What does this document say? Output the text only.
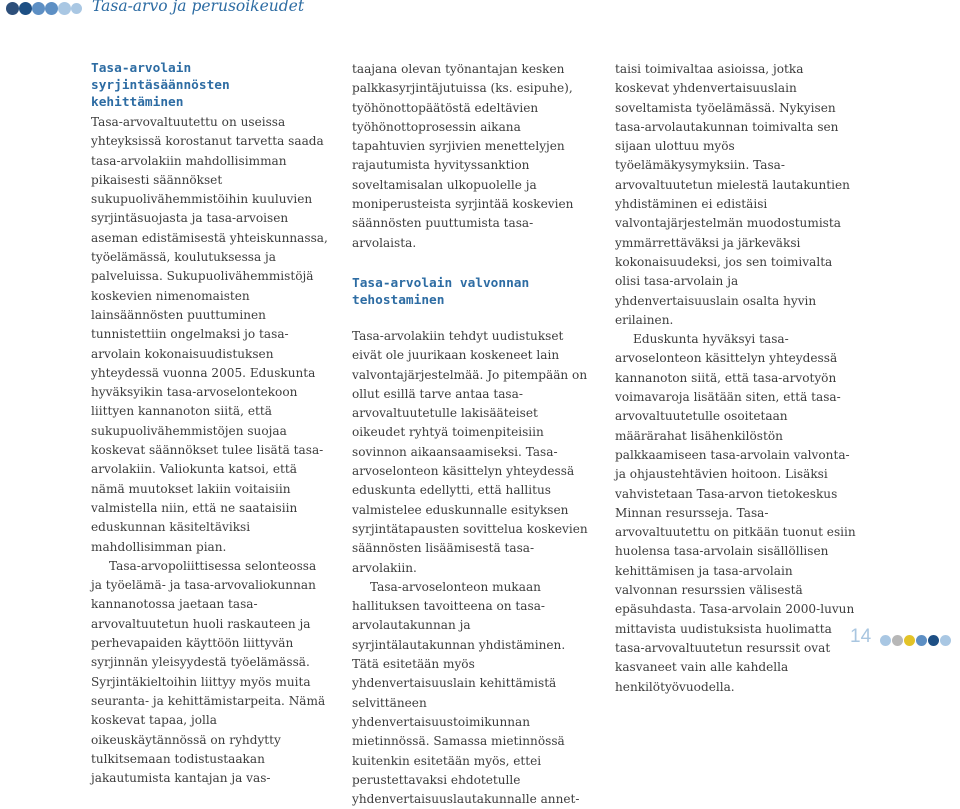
Tasa-arvo ja perusoikeudet
Tasa-arvolain syrjintäsäännösten kehittäminen

Tasa-arvovaltuutettu on useissa yhteyksissä korostanut tarvetta saada tasa-arvolakiin mahdollisimman pikaisesti säännökset sukupuolivähemmistöihin kuuluvien syrjintäsuojasta ja tasa-arvoisen aseman edistämisestä yhteiskunnassa, työelämässä, koulutuksessa ja palveluissa. Sukupuolivähemmistöjä koskevien nimenomaisten lainsäännösten puuttuminen tunnistettiin ongelmaksi jo tasa-arvolain kokonaisuudistuksen yhteydessä vuonna 2005. Eduskunta hyväksyikin tasa-arvoselontekoon liittyen kannanoton siitä, että sukupuolivähemmistöjen suojaa koskevat säännökset tulee lisätä tasa-arvolakiin. Valiokunta katsoi, että nämä muutokset lakiin voitaisiin valmistella niin, että ne saataisiin eduskunnan käsiteltäviksi mahdollisimman pian.

Tasa-arvopoliittisessa selonteossa ja työelämä- ja tasa-arvovaliokunnan kannanotossa jaetaan tasa-arvovaltuutetun huoli raskauteen ja perhevapaiden käyttöön liittyvän syrjinnän yleisyydestä työelämässä. Syrjintäkieltoihin liittyy myös muita seuranta- ja kehittämistarpeita. Nämä koskevat tapaa, jolla oikeuskäytännössä on ryhdytty tulkitsemaan todistustaakan jakautumista kantajan ja vas-

taajana olevan työnantajan kesken palkkasyrjintäjutuissa (ks. esipuhe), työhönottopäätöstä edeltävien työhönottoprosessin aikana tapahtuvien syrjivien menettelyjen rajautumista hyvityssanktion soveltamisalan ulkopuolelle ja moniperusteista syrjintää koskevien säännösten puuttumista tasa-arvolaista.

Tasa-arvolain valvonnan tehostaminen

Tasa-arvolakiin tehdyt uudistukset eivät ole juurikaan koskeneet lain valvontajärjestelmää. Jo pitempään on ollut esillä tarve antaa tasa-arvovaltuutetulle lakisääteiset oikeudet ryhtyä toimenpiteisiin sovinnon aikaansaamiseksi. Tasa-arvoselonteon käsittelyn yhteydessä eduskunta edellytti, että hallitus valmistelee eduskunnalle esityksen syrjintätapausten sovittelua koskevien säännösten lisäämisestä tasa-arvolakiin.

Tasa-arvoselonteon mukaan hallituksen tavoitteena on tasa-arvolautakunnan ja syrjintälautakunnan yhdistäminen. Tätä esitetään myös yhdenvertaisuuslain kehittämistä selvittäneen yhdenvertaisuustoimikunnan mietinnössä. Samassa mietinnössä kuitenkin esitetään myös, ettei perustettavaksi ehdotetulle yhdenvertaisuuslautakunnalle annet-

taisi toimivaltaa asioissa, jotka koskevat yhdenvertaisuuslain soveltamista työelämässä. Nykyisen tasa-arvolautakunnan toimivalta sen sijaan ulottuu myös työelämäkysymyksiin. Tasa-arvovaltuutetun mielestä lautakuntien yhdistäminen ei edistäisi valvontajärjestelmän muodostumista ymmärrettäväksi ja järkeväksi kokonaisuudeksi, jos sen toimivalta olisi tasa-arvolain ja yhdenvertaisuuslain osalta hyvin erilainen.

Eduskunta hyväksyi tasa-arvoselonteon käsittelyn yhteydessä kannanoton siitä, että tasa-arvotyön voimavaroja lisätään siten, että tasa-arvovaltuutetulle osoitetaan määrärahat lisähenkilöstön palkkaamiseen tasa-arvolain valvonta- ja ohjaustehtävien hoitoon. Lisäksi vahvistetaan Tasa-arvon tietokeskus Minnan resursseja. Tasa-arvovaltuutettu on pitkään tuonut esiin huolensa tasa-arvolain sisällöllisen kehittämisen ja tasa-arvolain valvonnan resurssien välisestä epäsuhdasta. Tasa-arvolain 2000-luvun mittavista uudistuksista huolimatta tasa-arvovaltuutetun resurssit ovat kasvaneet vain alle kahdella henkilötyövuodella.

14
